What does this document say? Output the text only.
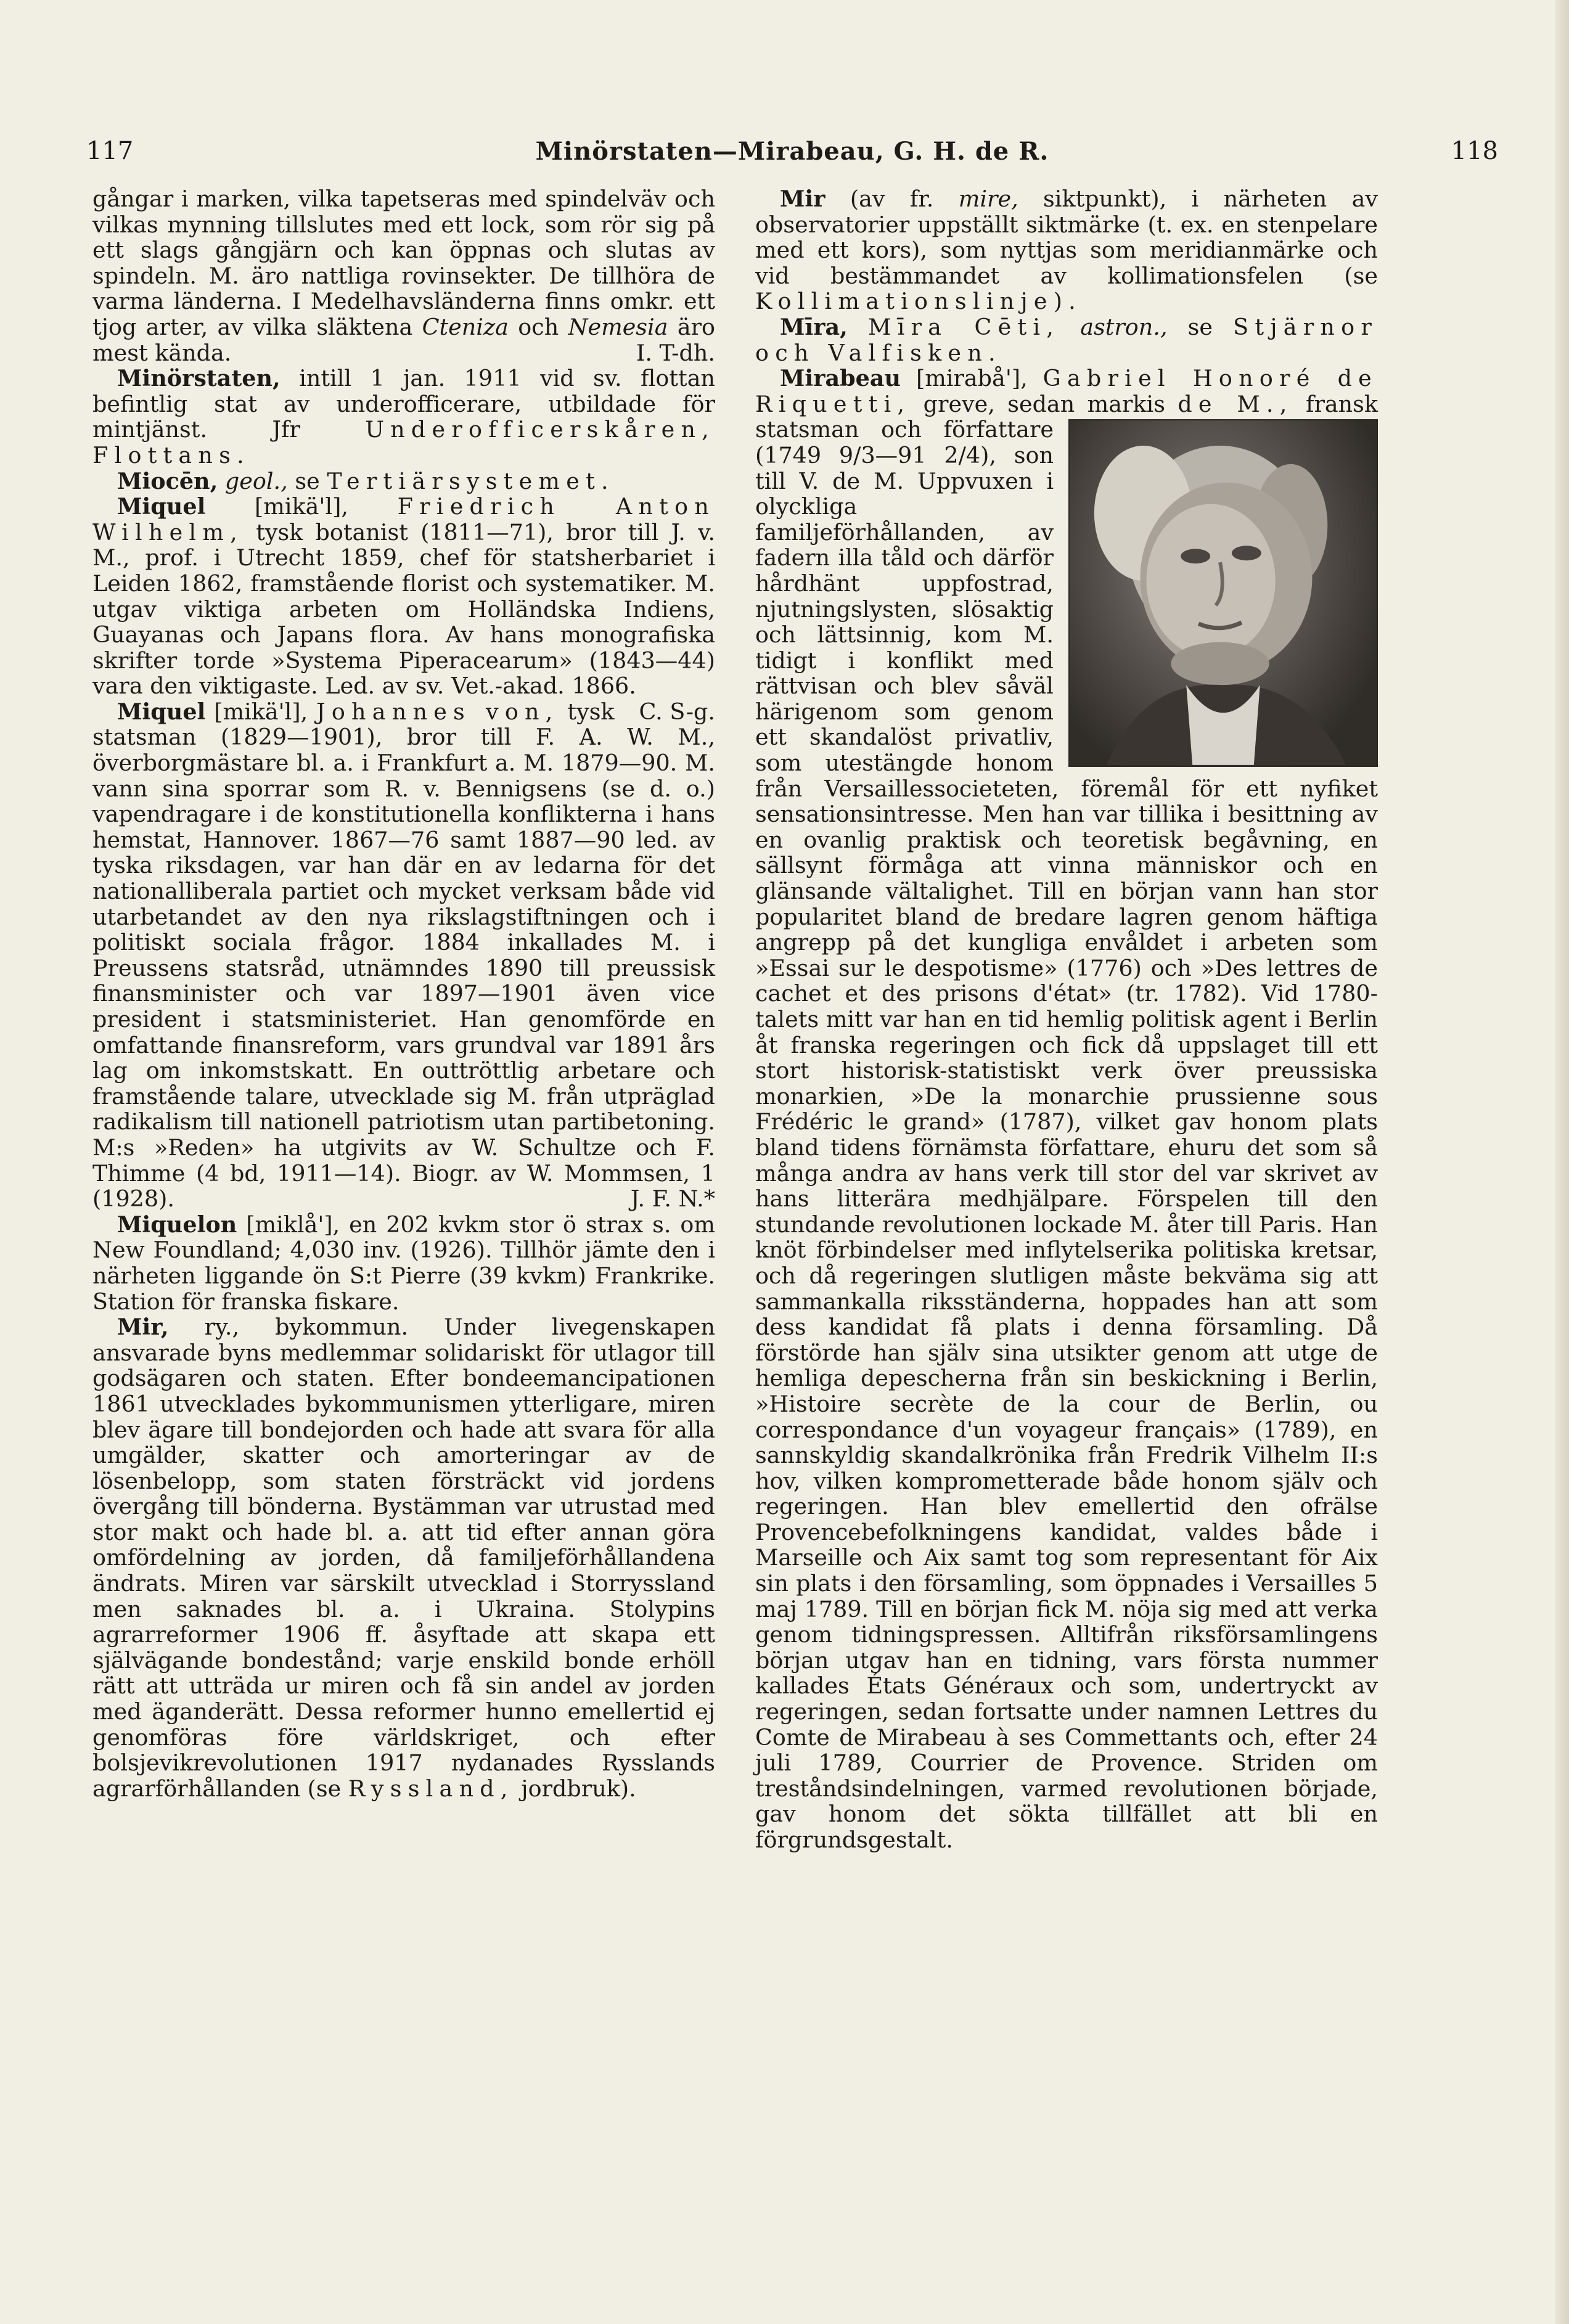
117	Minörstaten—Mirabeau, G. H. de R.	118

gångar i marken, vilka tapetseras med spindelväv och vilkas mynning tillslutes med ett lock, som rör sig på ett slags gångjärn och kan öppnas och slutas av spindeln. M. äro nattliga rovinsekter. De tillhöra de varma länderna. I Medelhavsländerna finns omkr. ett tjog arter, av vilka släktena Cteniza och Nemesia äro mest kända.	I. T-dh.

Minörstaten, intill 1 jan. 1911 vid sv. flottan befintlig stat av underofficerare, utbildade för mintjänst. Jfr	Underofficerskåren, Flottans.

Miocēn, geol., se Tertiärsystemet.

Miquel [mikä'l], Friedrich Anton Wilhelm, tysk botanist (1811—71), bror till J. v. M., prof. i Utrecht 1859, chef för statsherbariet i Leiden 1862, framstående florist och systematiker. M. utgav viktiga arbeten om Holländska Indiens, Guayanas och Japans flora. Av hans monografiska skrifter torde »Systema Piperacearum» (1843—44) vara den viktigaste. Led. av sv. Vet.-akad. 1866.
C. S-g.

Miquel [mikä'l], Johannes von, tysk statsman (1829—1901), bror till F. A. W. M., överborgmästare bl. a. i Frankfurt a. M. 1879—90. M. vann sina sporrar som R. v. Bennigsens (se d. o.) vapendragare i de konstitutionella konflikterna i hans hemstat, Hannover. 1867—76 samt 1887—90 led. av tyska riksdagen, var han där en av ledarna för det nationalliberala partiet och mycket verksam både vid utarbetandet av den nya rikslagstiftningen och i politiskt sociala frågor. 1884 inkallades M. i Preussens statsråd, utnämndes 1890 till preussisk finansminister och var 1897—1901 även vice president i statsministeriet. Han genomförde en omfattande finansreform, vars grundval var 1891 års lag om inkomstskatt. En outtröttlig arbetare och framstående talare, utvecklade sig M. från utpräglad radikalism till nationell patriotism utan partibetoning. M:s »Reden» ha utgivits av W. Schultze och F. Thimme (4 bd, 1911—14). Biogr. av W. Mommsen, 1 (1928).	J. F. N.*

Miquelon [miklå'], en 202 kvkm stor ö strax s. om New Foundland; 4,030 inv. (1926). Tillhör jämte den i närheten liggande ön S:t Pierre (39 kvkm) Frankrike. Station för franska fiskare.

Mir, ry., bykommun. Under livegenskapen ansvarade byns medlemmar solidariskt för utlagor till godsägaren och staten. Efter bondeemancipationen 1861 utvecklades bykommunismen ytterligare, miren blev ägare till bondejorden och hade att svara för alla umgälder, skatter och amorteringar av de lösenbelopp, som staten försträckt vid jordens övergång till bönderna. Bystämman var utrustad med stor makt och hade bl. a. att tid efter annan göra omfördelning av jorden, då familjeförhållandena ändrats. Miren var särskilt utvecklad i Storryssland men saknades bl. a. i Ukraina. Stolypins agrarreformer 1906 ff. åsyftade att skapa ett självägande bondestånd; varje enskild bonde erhöll rätt att utträda ur miren och få sin andel av jorden med äganderätt. Dessa reformer hunno emellertid ej genomföras före världskriget, och efter bolsjevikrevolutionen 1917 nydanades Rysslands agrarförhållanden (se Ryssland, jordbruk).

Mir (av fr. mire, siktpunkt), i närheten av observatorier uppställt siktmärke (t. ex. en stenpelare med ett kors), som nyttjas som meridianmärke och vid bestämmandet av kollimationsfelen (se Kollimationslinje).

Mīra, Mīra Cēti, astron., se Stjärnor och Valfisken.

Mirabeau [mirabå'], Gabriel Honoré de Riquetti, greve, sedan markis de M., fransk statsman och författare (1749 9/3—91 2/4), son till V. de M. Uppvuxen i olyckliga familjeförhållanden, av fadern illa tåld och därför hårdhänt uppfostrad, njutningslysten, slösaktig och lättsinnig, kom M. tidigt i konflikt med rättvisan och blev såväl härigenom som genom ett skandalöst privatliv, som utestängde honom från Versaillessocieteten, föremål för ett nyfiket sensationsintresse. Men han var tillika i besittning av en ovanlig praktisk och teoretisk begåvning, en sällsynt förmåga att vinna människor och en glänsande vältalighet. Till en början vann han stor popularitet bland de bredare lagren genom häftiga angrepp på det kungliga envåldet i arbeten som »Essai sur le despotisme» (1776) och »Des lettres de cachet et des prisons d'état» (tr. 1782). Vid 1780-talets mitt var han en tid hemlig politisk agent i Berlin åt franska regeringen och fick då uppslaget till ett stort historisk-statistiskt verk över preussiska monarkien, »De la monarchie prussienne sous Frédéric le grand» (1787), vilket gav honom plats bland tidens förnämsta författare, ehuru det som så många andra av hans verk till stor del var skrivet av hans litterära medhjälpare. Förspelen till den stundande revolutionen lockade M. åter till Paris. Han knöt förbindelser med inflytelserika politiska kretsar, och då regeringen slutligen måste bekväma sig att sammankalla riksständerna, hoppades han att som dess kandidat få plats i denna församling. Då förstörde han själv sina utsikter genom att utge de hemliga depescherna från sin beskickning i Berlin, »Histoire secrète de la cour de Berlin, ou correspondance d'un voyageur français» (1789), en sannskyldig skandalkrönika från Fredrik Vilhelm II:s hov, vilken komprometterade både honom själv och regeringen. Han blev emellertid den ofrälse Provencebefolkningens kandidat, valdes både i Marseille och Aix samt tog som representant för Aix sin plats i den församling, som öppnades i Versailles 5 maj 1789. Till en början fick M. nöja sig med att verka genom tidningspressen. Alltifrån riksförsamlingens början utgav han en tidning, vars första nummer kallades États Généraux och som, undertryckt av regeringen, sedan fortsatte under namnen Lettres du Comte de Mirabeau à ses Commettants och, efter 24 juli 1789, Courrier de Provence. Striden om treståndsindelningen, varmed revolutionen började, gav honom det sökta tillfället att bli en förgrundsgestalt.
